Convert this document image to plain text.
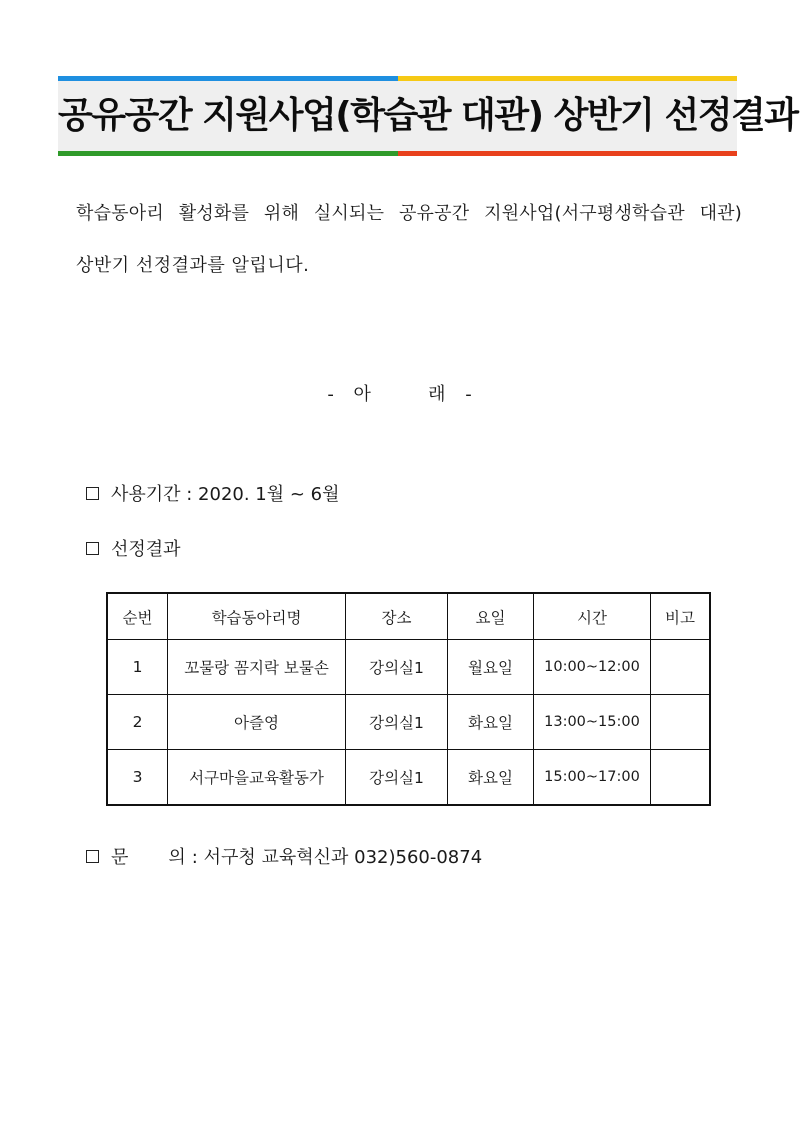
공유공간 지원사업(학습관 대관) 상반기 선정결과
학습동아리 활성화를 위해 실시되는 공유공간 지원사업(서구평생학습관 대관)
상반기 선정결과를 알립니다.
- 아   래 -
사용기간 : 2020. 1월 ~ 6월
선정결과
순번	학습동아리명	장소	요일	시간	비고
1	꼬물랑 꼼지락 보물손	강의실1	월요일	10:00~12:00	
2	아즐영	강의실1	화요일	13:00~15:00	
3	서구마을교육활동가	강의실1	화요일	15:00~17:00	
문 의 : 서구청 교육혁신과 032)560-0874
